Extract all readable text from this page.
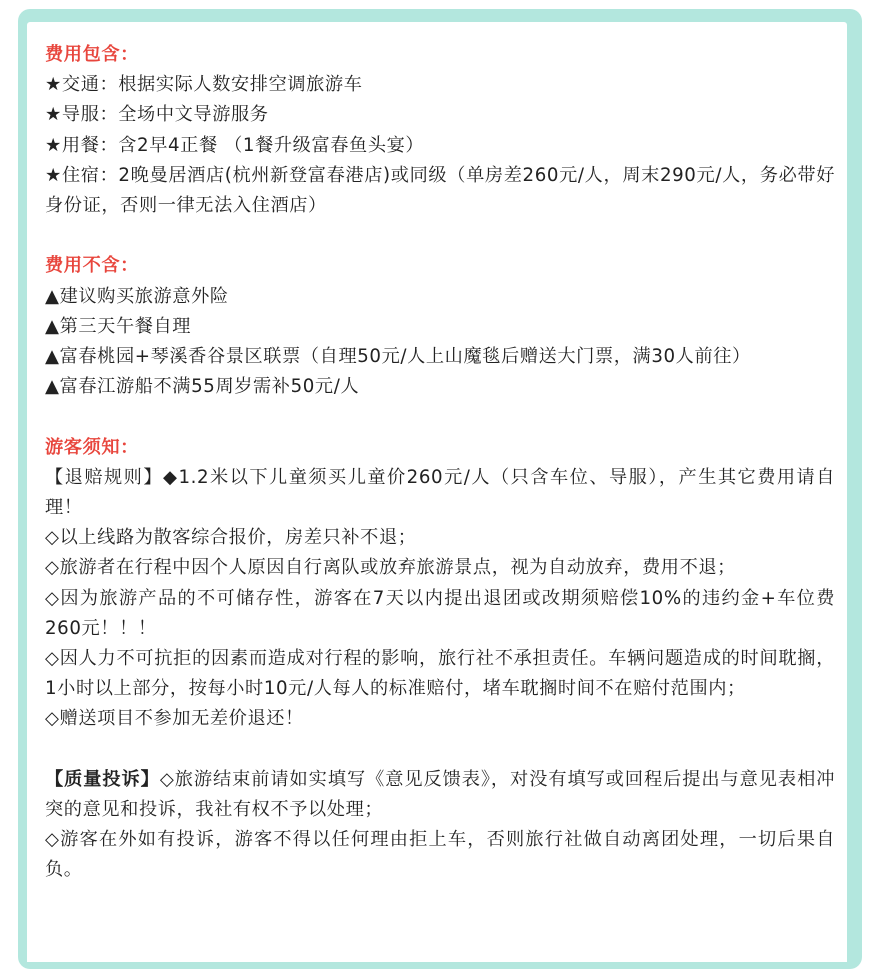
费用包含：

★交通：根据实际人数安排空调旅游车

★导服：全场中文导游服务

★用餐：含2早4正餐 （1餐升级富春鱼头宴）

★住宿：2晚曼居酒店(杭州新登富春港店)或同级（单房差260元/人，周末290元/人，务必带好身份证，否则一律无法入住酒店）

费用不含：

▲建议购买旅游意外险

▲第三天午餐自理

▲富春桃园+琴溪香谷景区联票（自理50元/人上山魔毯后赠送大门票，满30人前往）

▲富春江游船不满55周岁需补50元/人

游客须知：

【退赔规则】◆1.2米以下儿童须买儿童价260元/人（只含车位、导服），产生其它费用请自理！

◇以上线路为散客综合报价，房差只补不退；

◇旅游者在行程中因个人原因自行离队或放弃旅游景点，视为自动放弃，费用不退；

◇因为旅游产品的不可储存性，游客在7天以内提出退团或改期须赔偿10%的违约金+车位费260元！！！

◇因人力不可抗拒的因素而造成对行程的影响，旅行社不承担责任。车辆问题造成的时间耽搁，1小时以上部分，按每小时10元/人每人的标准赔付，堵车耽搁时间不在赔付范围内；

◇赠送项目不参加无差价退还！

【质量投诉】◇旅游结束前请如实填写《意见反馈表》，对没有填写或回程后提出与意见表相冲突的意见和投诉，我社有权不予以处理；

◇游客在外如有投诉，游客不得以任何理由拒上车，否则旅行社做自动离团处理，一切后果自负。
